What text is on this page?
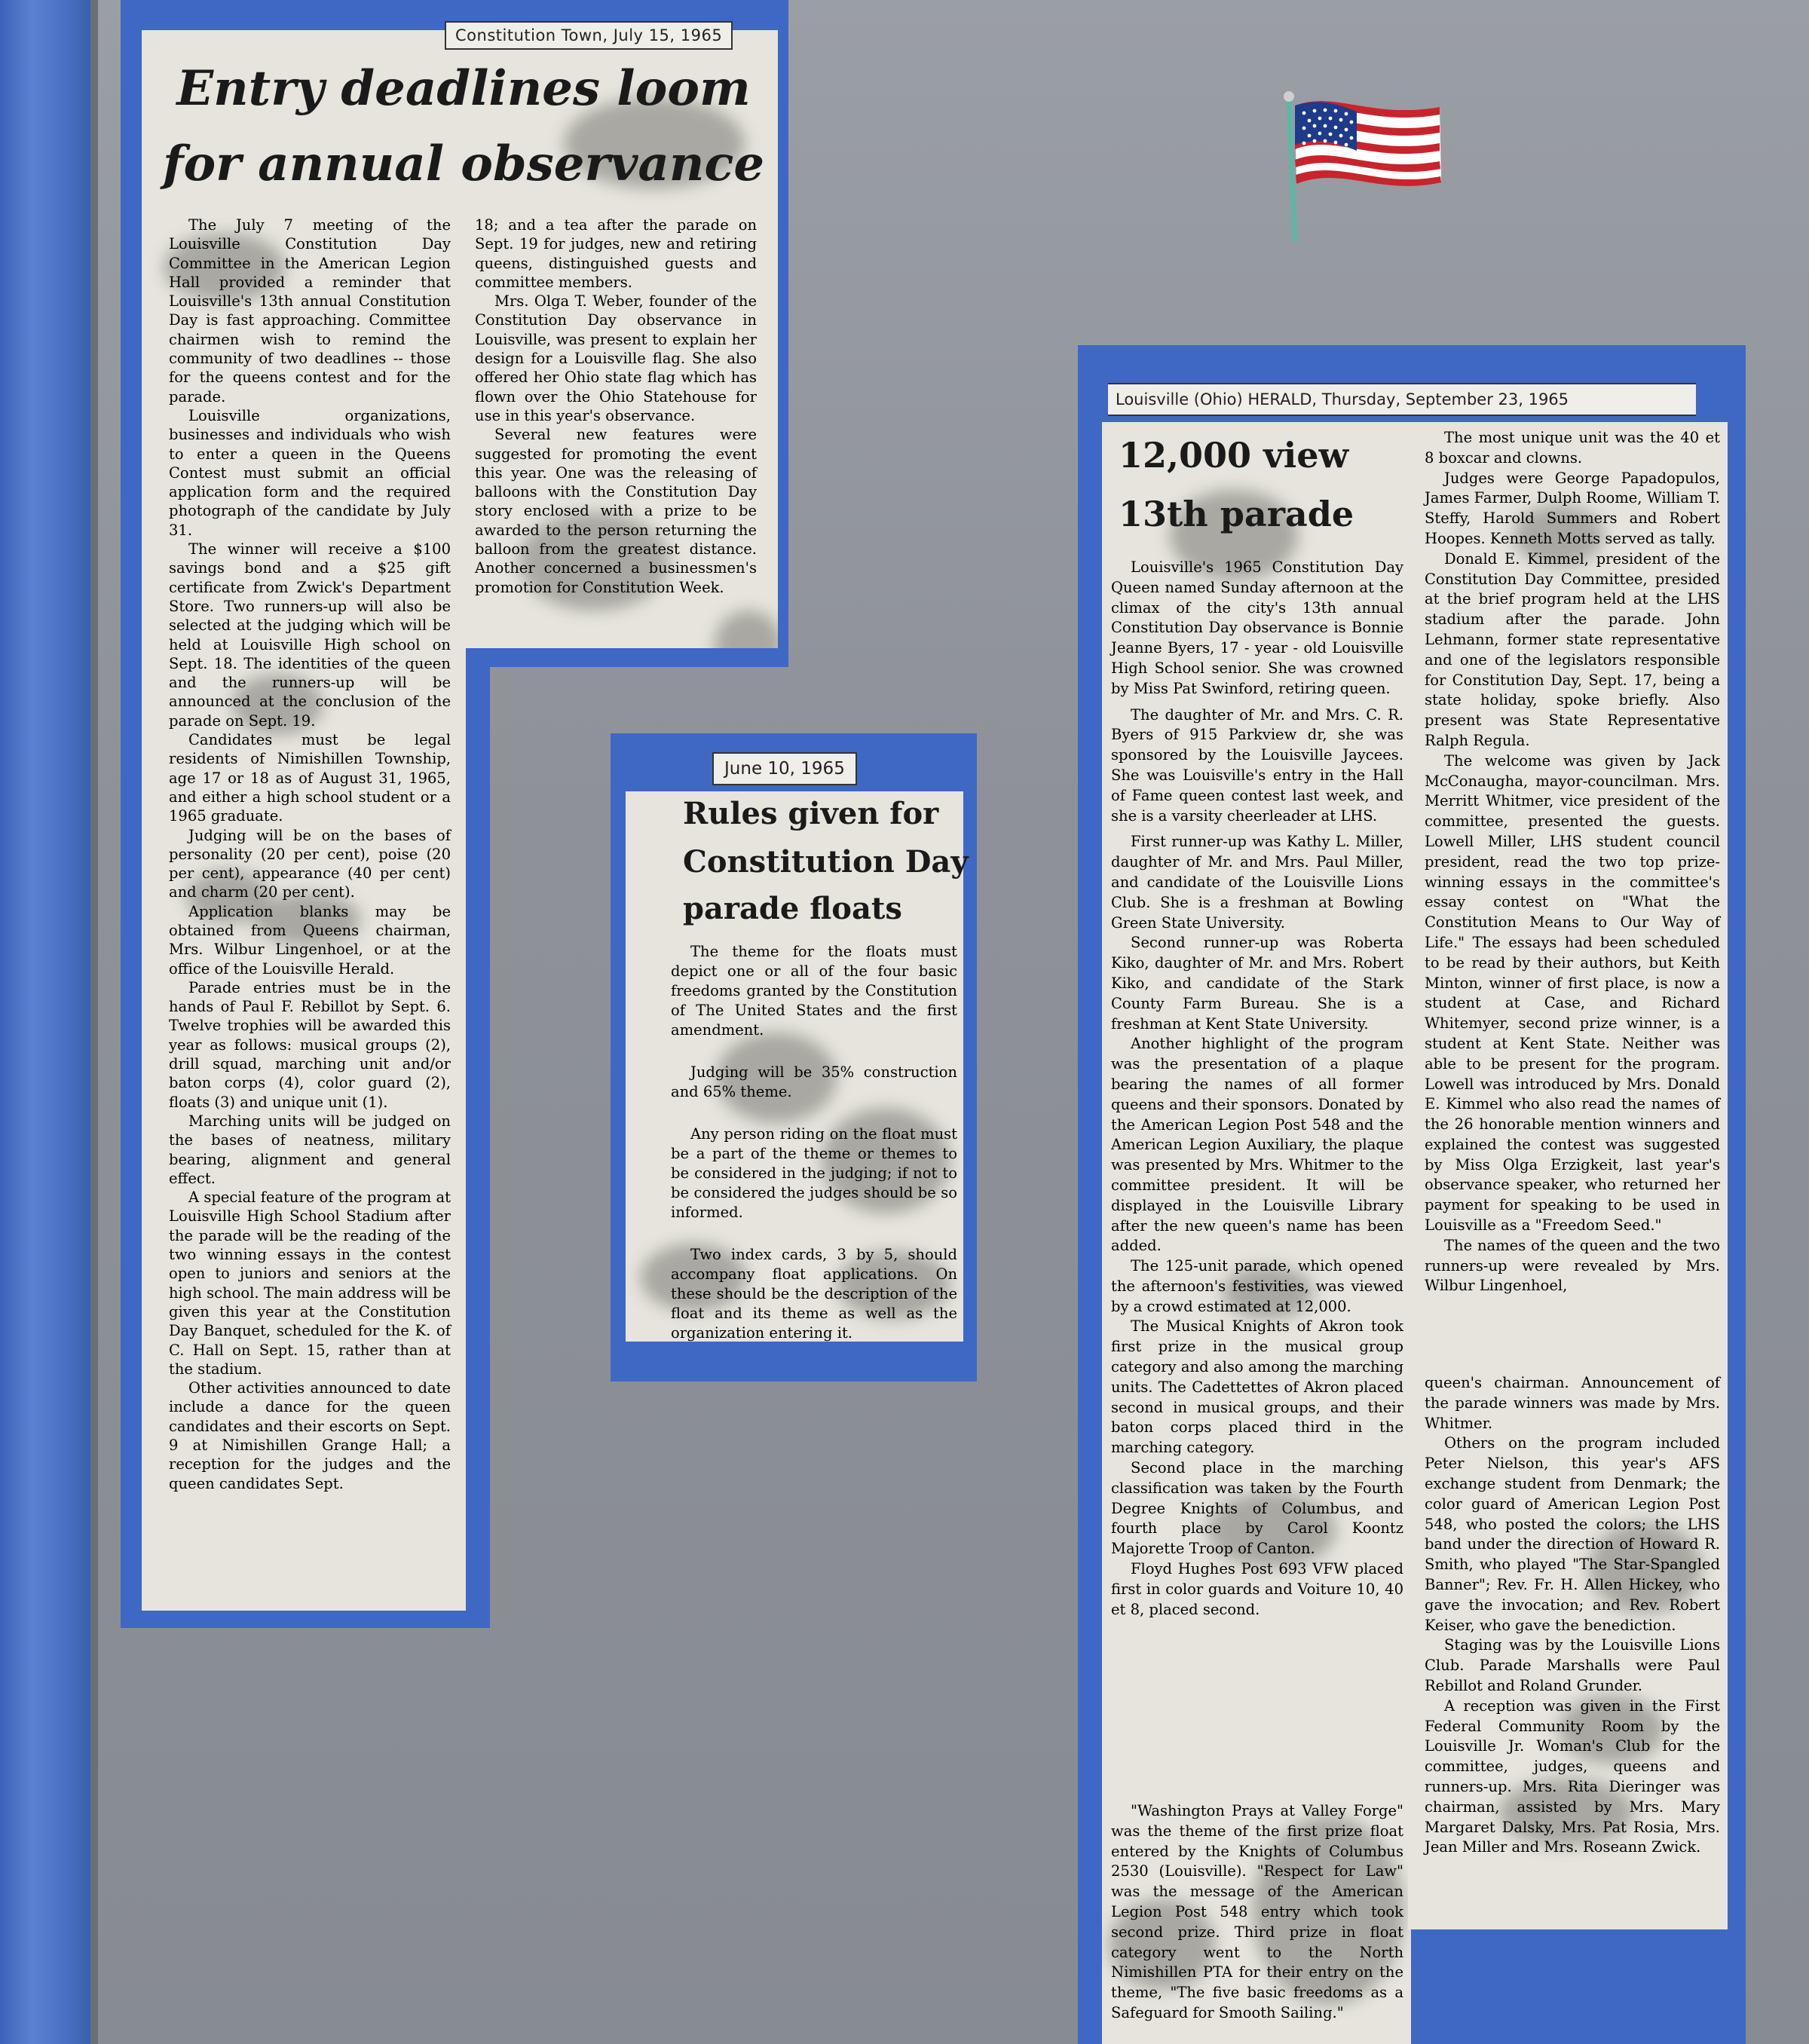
Constitution Town, July 15, 1965
Entry deadlines loom
for annual observance

The July 7 meeting of the Louisville Constitution Day Committee in the American Legion Hall provided a reminder that Louisville's 13th annual Constitution Day is fast approaching. Committee chairmen wish to remind the community of two deadlines -- those for the queens contest and for the parade.

Louisville organizations, businesses and individuals who wish to enter a queen in the Queens Contest must submit an official application form and the required photograph of the candidate by July 31.

The winner will receive a $100 savings bond and a $25 gift certificate from Zwick's Department Store. Two runners-up will also be selected at the judging which will be held at Louisville High school on Sept. 18. The identities of the queen and the runners-up will be announced at the conclusion of the parade on Sept. 19.

Candidates must be legal residents of Nimishillen Township, age 17 or 18 as of August 31, 1965, and either a high school student or a 1965 graduate.

Judging will be on the bases of personality (20 per cent), poise (20 per cent), appearance (40 per cent) and charm (20 per cent).

Application blanks may be obtained from Queens chairman, Mrs. Wilbur Lingenhoel, or at the office of the Louisville Herald.

Parade entries must be in the hands of Paul F. Rebillot by Sept. 6. Twelve trophies will be awarded this year as follows: musical groups (2), drill squad, marching unit and/or baton corps (4), color guard (2), floats (3) and unique unit (1).

Marching units will be judged on the bases of neatness, military bearing, alignment and general effect.

A special feature of the program at Louisville High School Stadium after the parade will be the reading of the two winning essays in the contest open to juniors and seniors at the high school. The main address will be given this year at the Constitution Day Banquet, scheduled for the K. of C. Hall on Sept. 15, rather than at the stadium.

Other activities announced to date include a dance for the queen candidates and their escorts on Sept. 9 at Nimishillen Grange Hall; a reception for the judges and the queen candidates Sept.

18; and a tea after the parade on Sept. 19 for judges, new and retiring queens, distinguished guests and committee members.

Mrs. Olga T. Weber, founder of the Constitution Day observance in Louisville, was present to explain her design for a Louisville flag. She also offered her Ohio state flag which has flown over the Ohio Statehouse for use in this year's observance.

Several new features were suggested for promoting the event this year. One was the releasing of balloons with the Constitution Day story enclosed with a prize to be awarded to the person returning the balloon from the greatest distance. Another concerned a businessmen's promotion for Constitution Week.

June 10, 1965
Rules given for
Constitution Day
parade floats

The theme for the floats must depict one or all of the four basic freedoms granted by the Constitution of The United States and the first amendment.

Judging will be 35% construction and 65% theme.

Any person riding on the float must be a part of the theme or themes to be considered in the judging; if not to be considered the judges should be so informed.

Two index cards, 3 by 5, should accompany float applications. On these should be the description of the float and its theme as well as the organization entering it.

Louisville (Ohio) HERALD, Thursday, September 23, 1965
12,000 view
13th parade

Louisville's 1965 Constitution Day Queen named Sunday afternoon at the climax of the city's 13th annual Constitution Day observance is Bonnie Jeanne Byers, 17 - year - old Louisville High School senior. She was crowned by Miss Pat Swinford, retiring queen.

The daughter of Mr. and Mrs. C. R. Byers of 915 Parkview dr, she was sponsored by the Louisville Jaycees. She was Louisville's entry in the Hall of Fame queen contest last week, and she is a varsity cheerleader at LHS.

First runner-up was Kathy L. Miller, daughter of Mr. and Mrs. Paul Miller, and candidate of the Louisville Lions Club. She is a freshman at Bowling Green State University.

Second runner-up was Roberta Kiko, daughter of Mr. and Mrs. Robert Kiko, and candidate of the Stark County Farm Bureau. She is a freshman at Kent State University.

Another highlight of the program was the presentation of a plaque bearing the names of all former queens and their sponsors. Donated by the American Legion Post 548 and the American Legion Auxiliary, the plaque was presented by Mrs. Whitmer to the committee president. It will be displayed in the Louisville Library after the new queen's name has been added.

The 125-unit parade, which opened the afternoon's festivities, was viewed by a crowd estimated at 12,000.

The Musical Knights of Akron took first prize in the musical group category and also among the marching units. The Cadettettes of Akron placed second in musical groups, and their baton corps placed third in the marching category.

Second place in the marching classification was taken by the Fourth Degree Knights of Columbus, and fourth place by Carol Koontz Majorette Troop of Canton.

Floyd Hughes Post 693 VFW placed first in color guards and Voiture 10, 40 et 8, placed second.

"Washington Prays at Valley Forge" was the theme of the first prize float entered by the Knights of Columbus 2530 (Louisville). "Respect for Law" was the message of the American Legion Post 548 entry which took second prize. Third prize in float category went to the North Nimishillen PTA for their entry on the theme, "The five basic freedoms as a Safeguard for Smooth Sailing."

The most unique unit was the 40 et 8 boxcar and clowns.

Judges were George Papadopulos, James Farmer, Dulph Roome, William T. Steffy, Harold Summers and Robert Hoopes. Kenneth Motts served as tally.

Donald E. Kimmel, president of the Constitution Day Committee, presided at the brief program held at the LHS stadium after the parade. John Lehmann, former state representative and one of the legislators responsible for Constitution Day, Sept. 17, being a state holiday, spoke briefly. Also present was State Representative Ralph Regula.

The welcome was given by Jack McConaugha, mayor-councilman. Mrs. Merritt Whitmer, vice president of the committee, presented the guests. Lowell Miller, LHS student council president, read the two top prize-winning essays in the committee's essay contest on "What the Constitution Means to Our Way of Life." The essays had been scheduled to be read by their authors, but Keith Minton, winner of first place, is now a student at Case, and Richard Whitemyer, second prize winner, is a student at Kent State. Neither was able to be present for the program. Lowell was introduced by Mrs. Donald E. Kimmel who also read the names of the 26 honorable mention winners and explained the contest was suggested by Miss Olga Erzigkeit, last year's observance speaker, who returned her payment for speaking to be used in Louisville as a "Freedom Seed."

The names of the queen and the two runners-up were revealed by Mrs. Wilbur Lingenhoel,

queen's chairman. Announcement of the parade winners was made by Mrs. Whitmer.

Others on the program included Peter Nielson, this year's AFS exchange student from Denmark; the color guard of American Legion Post 548, who posted the colors; the LHS band under the direction of Howard R. Smith, who played "The Star-Spangled Banner"; Rev. Fr. H. Allen Hickey, who gave the invocation; and Rev. Robert Keiser, who gave the benediction.

Staging was by the Louisville Lions Club. Parade Marshalls were Paul Rebillot and Roland Grunder.

A reception was given in the First Federal Community Room by the Louisville Jr. Woman's Club for the committee, judges, queens and runners-up. Mrs. Rita Dieringer was chairman, assisted by Mrs. Mary Margaret Dalsky, Mrs. Pat Rosia, Mrs. Jean Miller and Mrs. Roseann Zwick.
